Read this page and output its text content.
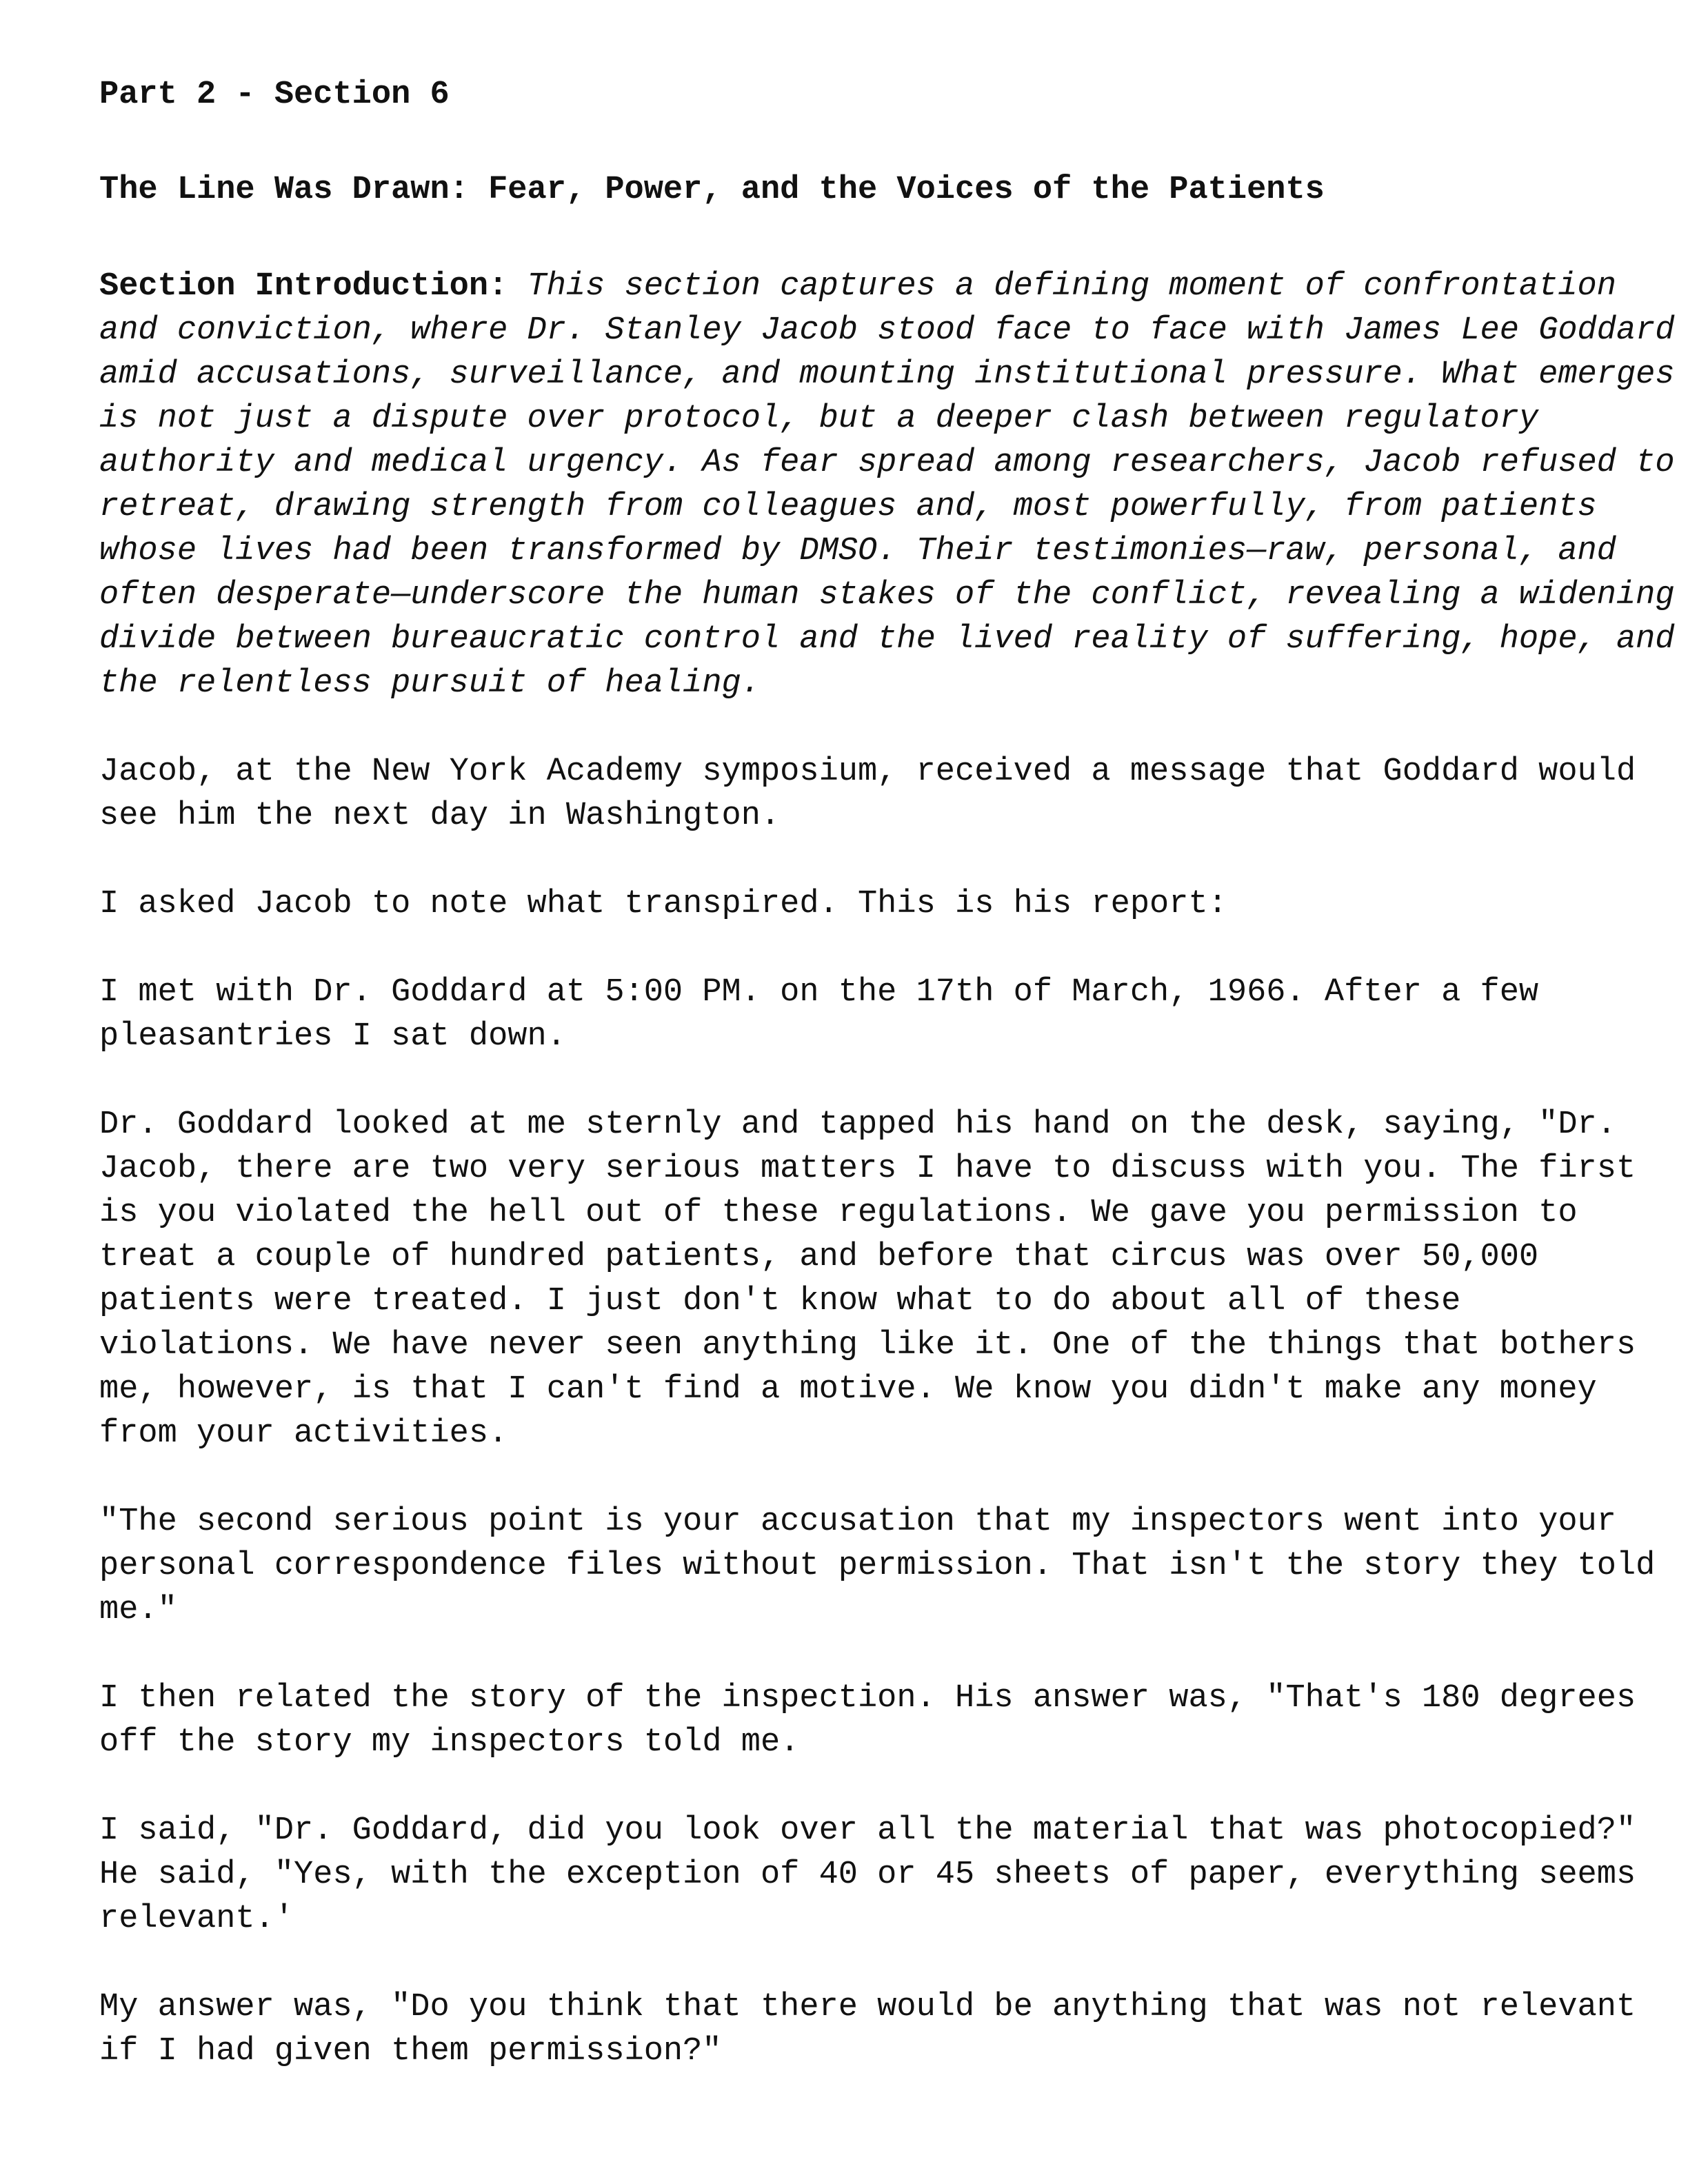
Part 2 - Section 6
The Line Was Drawn: Fear, Power, and the Voices of the Patients
Section Introduction: This section captures a defining moment of confrontation
and conviction, where Dr. Stanley Jacob stood face to face with James Lee Goddard
amid accusations, surveillance, and mounting institutional pressure. What emerges
is not just a dispute over protocol, but a deeper clash between regulatory
authority and medical urgency. As fear spread among researchers, Jacob refused to
retreat, drawing strength from colleagues and, most powerfully, from patients
whose lives had been transformed by DMSO. Their testimonies—raw, personal, and
often desperate—underscore the human stakes of the conflict, revealing a widening
divide between bureaucratic control and the lived reality of suffering, hope, and
the relentless pursuit of healing.
Jacob, at the New York Academy symposium, received a message that Goddard would
see him the next day in Washington.
I asked Jacob to note what transpired. This is his report:
I met with Dr. Goddard at 5:00 PM. on the 17th of March, 1966. After a few
pleasantries I sat down.
Dr. Goddard looked at me sternly and tapped his hand on the desk, saying, "Dr.
Jacob, there are two very serious matters I have to discuss with you. The first
is you violated the hell out of these regulations. We gave you permission to
treat a couple of hundred patients, and before that circus was over 50,000
patients were treated. I just don't know what to do about all of these
violations. We have never seen anything like it. One of the things that bothers
me, however, is that I can't find a motive. We know you didn't make any money
from your activities.
"The second serious point is your accusation that my inspectors went into your
personal correspondence files without permission. That isn't the story they told
me."
I then related the story of the inspection. His answer was, "That's 180 degrees
off the story my inspectors told me.
I said, "Dr. Goddard, did you look over all the material that was photocopied?"
He said, "Yes, with the exception of 40 or 45 sheets of paper, everything seems
relevant.'
My answer was, "Do you think that there would be anything that was not relevant
if I had given them permission?"
